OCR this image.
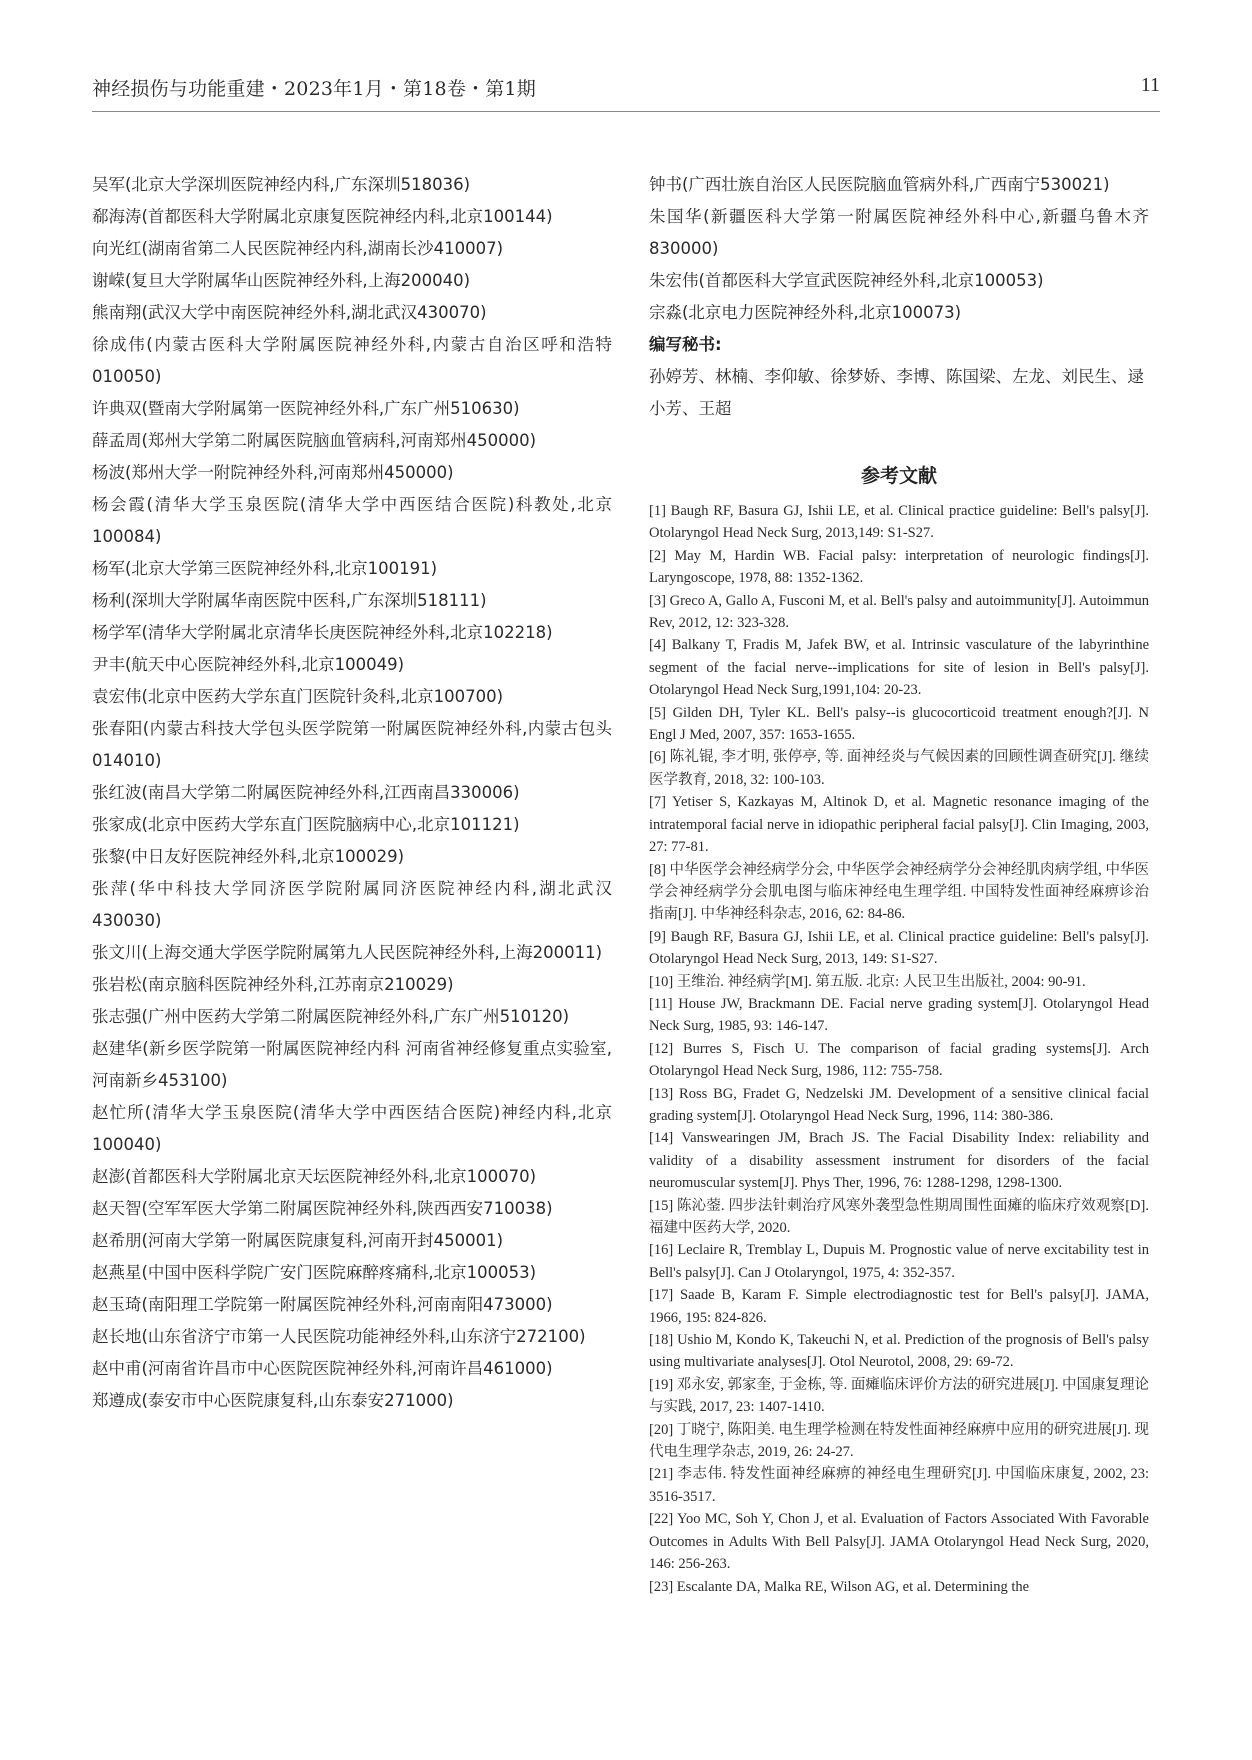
神经损伤与功能重建・2023年1月・第18卷・第1期	11
吴军(北京大学深圳医院神经内科,广东深圳518036)
郗海涛(首都医科大学附属北京康复医院神经内科,北京100144)
向光红(湖南省第二人民医院神经内科,湖南长沙410007)
谢嵘(复旦大学附属华山医院神经外科,上海200040)
熊南翔(武汉大学中南医院神经外科,湖北武汉430070)
徐成伟(内蒙古医科大学附属医院神经外科,内蒙古自治区呼和浩特010050)
许典双(暨南大学附属第一医院神经外科,广东广州510630)
薛孟周(郑州大学第二附属医院脑血管病科,河南郑州450000)
杨波(郑州大学一附院神经外科,河南郑州450000)
杨会霞(清华大学玉泉医院(清华大学中西医结合医院)科教处,北京100084)
杨军(北京大学第三医院神经外科,北京100191)
杨利(深圳大学附属华南医院中医科,广东深圳518111)
杨学军(清华大学附属北京清华长庚医院神经外科,北京102218)
尹丰(航天中心医院神经外科,北京100049)
袁宏伟(北京中医药大学东直门医院针灸科,北京100700)
张春阳(内蒙古科技大学包头医学院第一附属医院神经外科,内蒙古包头014010)
张红波(南昌大学第二附属医院神经外科,江西南昌330006)
张家成(北京中医药大学东直门医院脑病中心,北京101121)
张黎(中日友好医院神经外科,北京100029)
张萍(华中科技大学同济医学院附属同济医院神经内科,湖北武汉430030)
张文川(上海交通大学医学院附属第九人民医院神经外科,上海200011)
张岩松(南京脑科医院神经外科,江苏南京210029)
张志强(广州中医药大学第二附属医院神经外科,广东广州510120)
赵建华(新乡医学院第一附属医院神经内科 河南省神经修复重点实验室,河南新乡453100)
赵忙所(清华大学玉泉医院(清华大学中西医结合医院)神经内科,北京100040)
赵澎(首都医科大学附属北京天坛医院神经外科,北京100070)
赵天智(空军军医大学第二附属医院神经外科,陕西西安710038)
赵希朋(河南大学第一附属医院康复科,河南开封450001)
赵燕星(中国中医科学院广安门医院麻醉疼痛科,北京100053)
赵玉琦(南阳理工学院第一附属医院神经外科,河南南阳473000)
赵长地(山东省济宁市第一人民医院功能神经外科,山东济宁272100)
赵中甫(河南省许昌市中心医院医院神经外科,河南许昌461000)
郑遵成(泰安市中心医院康复科,山东泰安271000)
钟书(广西壮族自治区人民医院脑血管病外科,广西南宁530021)
朱国华(新疆医科大学第一附属医院神经外科中心,新疆乌鲁木齐830000)
朱宏伟(首都医科大学宣武医院神经外科,北京100053)
宗淼(北京电力医院神经外科,北京100073)
编写秘书:
孙婷芳、林楠、李仰敏、徐梦娇、李博、陈国梁、左龙、刘民生、逯小芳、王超
参考文献
[1] Baugh RF, Basura GJ, Ishii LE, et al. Clinical practice guideline: Bell's palsy[J]. Otolaryngol Head Neck Surg, 2013,149: S1-S27.
[2] May M, Hardin WB. Facial palsy: interpretation of neurologic findings[J]. Laryngoscope, 1978, 88: 1352-1362.
[3] Greco A, Gallo A, Fusconi M, et al. Bell's palsy and autoimmunity[J]. Autoimmun Rev, 2012, 12: 323-328.
[4] Balkany T, Fradis M, Jafek BW, et al. Intrinsic vasculature of the labyrinthine segment of the facial nerve--implications for site of lesion in Bell's palsy[J]. Otolaryngol Head Neck Surg,1991,104: 20-23.
[5] Gilden DH, Tyler KL. Bell's palsy--is glucocorticoid treatment enough?[J]. N Engl J Med, 2007, 357: 1653-1655.
[6] 陈礼锟, 李才明, 张停亭, 等. 面神经炎与气候因素的回顾性调查研究[J]. 继续医学教育, 2018, 32: 100-103.
[7] Yetiser S, Kazkayas M, Altinok D, et al. Magnetic resonance imaging of the intratemporal facial nerve in idiopathic peripheral facial palsy[J]. Clin Imaging, 2003, 27: 77-81.
[8] 中华医学会神经病学分会, 中华医学会神经病学分会神经肌肉病学组, 中华医学会神经病学分会肌电图与临床神经电生理学组. 中国特发性面神经麻痹诊治指南[J]. 中华神经科杂志, 2016, 62: 84-86.
[9] Baugh RF, Basura GJ, Ishii LE, et al. Clinical practice guideline: Bell's palsy[J]. Otolaryngol Head Neck Surg, 2013, 149: S1-S27.
[10] 王维治. 神经病学[M]. 第五版. 北京: 人民卫生出版社, 2004: 90-91.
[11] House JW, Brackmann DE. Facial nerve grading system[J]. Otolaryngol Head Neck Surg, 1985, 93: 146-147.
[12] Burres S, Fisch U. The comparison of facial grading systems[J]. Arch Otolaryngol Head Neck Surg, 1986, 112: 755-758.
[13] Ross BG, Fradet G, Nedzelski JM. Development of a sensitive clinical facial grading system[J]. Otolaryngol Head Neck Surg, 1996, 114: 380-386.
[14] Vanswearingen JM, Brach JS. The Facial Disability Index: reliability and validity of a disability assessment instrument for disorders of the facial neuromuscular system[J]. Phys Ther, 1996, 76: 1288-1298, 1298-1300.
[15] 陈沁蓥. 四步法针刺治疗风寒外袭型急性期周围性面瘫的临床疗效观察[D]. 福建中医药大学, 2020.
[16] Leclaire R, Tremblay L, Dupuis M. Prognostic value of nerve excitability test in Bell's palsy[J]. Can J Otolaryngol, 1975, 4: 352-357.
[17] Saade B, Karam F. Simple electrodiagnostic test for Bell's palsy[J]. JAMA, 1966, 195: 824-826.
[18] Ushio M, Kondo K, Takeuchi N, et al. Prediction of the prognosis of Bell's palsy using multivariate analyses[J]. Otol Neurotol, 2008, 29: 69-72.
[19] 邓永安, 郭家奎, 于金栋, 等. 面瘫临床评价方法的研究进展[J]. 中国康复理论与实践, 2017, 23: 1407-1410.
[20] 丁晓宁, 陈阳美. 电生理学检测在特发性面神经麻痹中应用的研究进展[J]. 现代电生理学杂志, 2019, 26: 24-27.
[21] 李志伟. 特发性面神经麻痹的神经电生理研究[J]. 中国临床康复, 2002, 23: 3516-3517.
[22] Yoo MC, Soh Y, Chon J, et al. Evaluation of Factors Associated With Favorable Outcomes in Adults With Bell Palsy[J]. JAMA Otolaryngol Head Neck Surg, 2020, 146: 256-263.
[23] Escalante DA, Malka RE, Wilson AG, et al. Determining the
